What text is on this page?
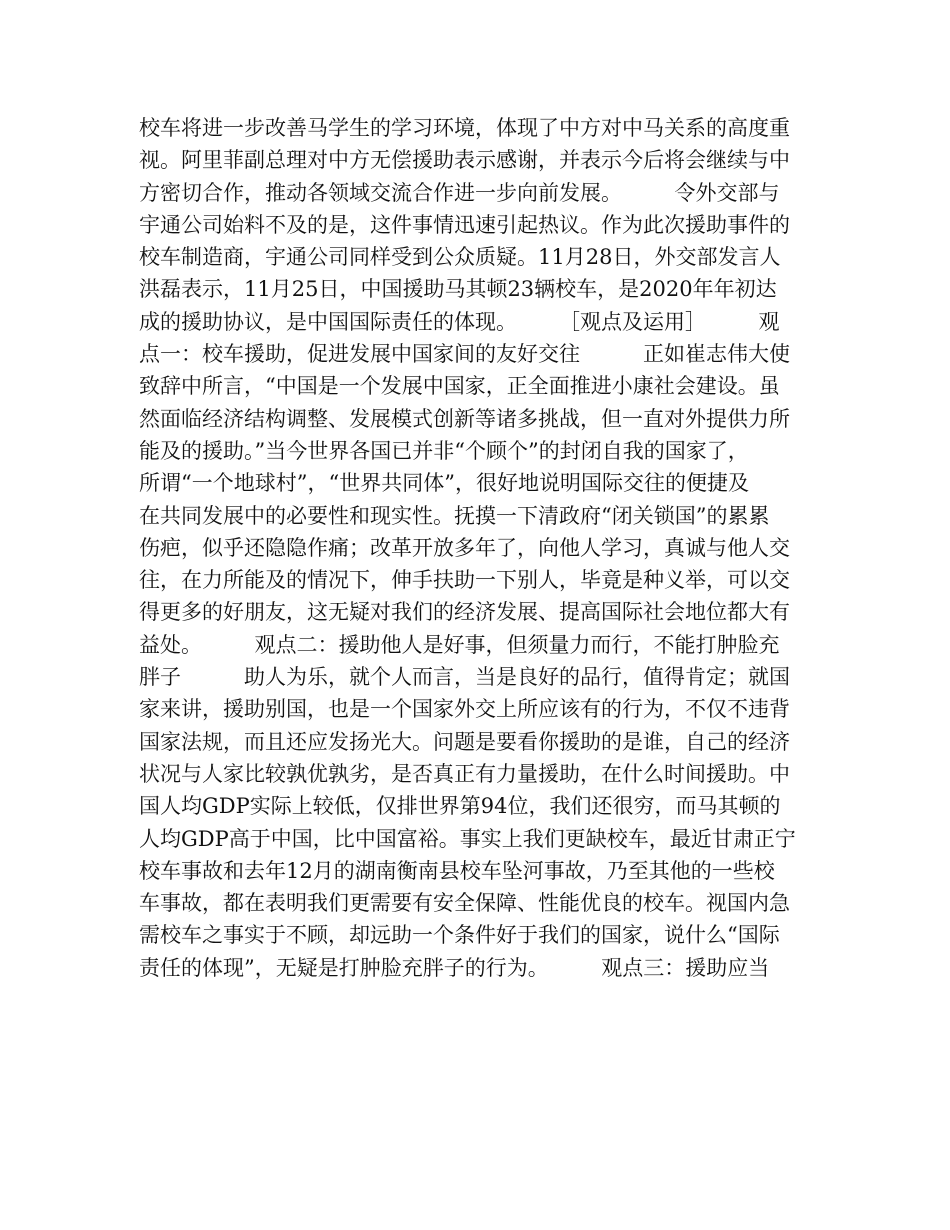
校车将进一步改善马学生的学习环境，体现了中方对中马关系的高度重
视。阿里菲副总理对中方无偿援助表示感谢，并表示今后将会继续与中
方密切合作，推动各领域交流合作进一步向前发展。　　　令外交部与
宇通公司始料不及的是，这件事情迅速引起热议。作为此次援助事件的
校车制造商，宇通公司同样受到公众质疑。11月28日，外交部发言人
洪磊表示，11月25日，中国援助马其顿23辆校车，是2020年年初达
成的援助协议，是中国国际责任的体现。　　　［观点及运用］　　　观
点一：校车援助，促进发展中国家间的友好交往　　　正如崔志伟大使
致辞中所言，“中国是一个发展中国家，正全面推进小康社会建设。虽
然面临经济结构调整、发展模式创新等诸多挑战，但一直对外提供力所
能及的援助。”当今世界各国已并非“个顾个”的封闭自我的国家了，
所谓“一个地球村”，“世界共同体”，很好地说明国际交往的便捷及
在共同发展中的必要性和现实性。抚摸一下清政府“闭关锁国”的累累
伤疤，似乎还隐隐作痛；改革开放多年了，向他人学习，真诚与他人交
往，在力所能及的情况下，伸手扶助一下别人，毕竟是种义举，可以交
得更多的好朋友，这无疑对我们的经济发展、提高国际社会地位都大有
益处。　　　观点二：援助他人是好事，但须量力而行，不能打肿脸充
胖子　　　助人为乐，就个人而言，当是良好的品行，值得肯定；就国
家来讲，援助别国，也是一个国家外交上所应该有的行为，不仅不违背
国家法规，而且还应发扬光大。问题是要看你援助的是谁，自己的经济
状况与人家比较孰优孰劣，是否真正有力量援助，在什么时间援助。中
国人均GDP实际上较低，仅排世界第94位，我们还很穷，而马其顿的
人均GDP高于中国，比中国富裕。事实上我们更缺校车，最近甘肃正宁
校车事故和去年12月的湖南衡南县校车坠河事故，乃至其他的一些校
车事故，都在表明我们更需要有安全保障、性能优良的校车。视国内急
需校车之事实于不顾，却远助一个条件好于我们的国家，说什么“国际
责任的体现”，无疑是打肿脸充胖子的行为。　　　观点三：援助应当
